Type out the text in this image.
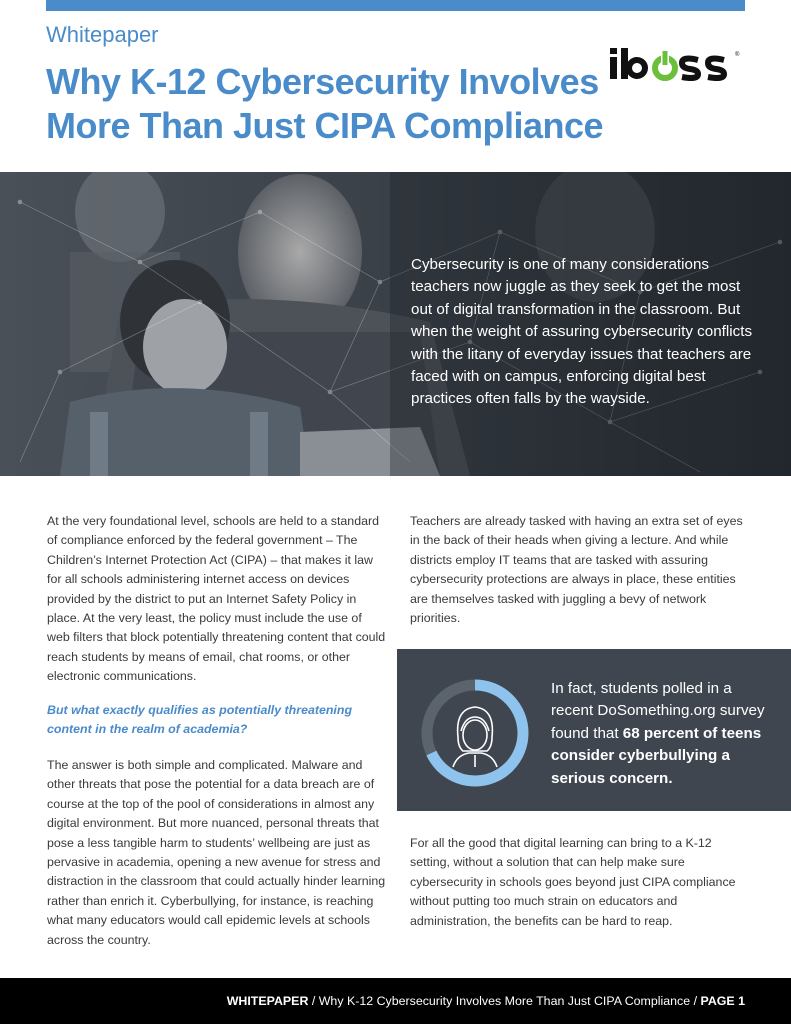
Whitepaper
Why K-12 Cybersecurity Involves
More Than Just CIPA Compliance
®
Cybersecurity is one of many considerations teachers now juggle as they seek to get the most out of digital transformation in the classroom. But when the weight of assuring cybersecurity conflicts with the litany of everyday issues that teachers are faced with on campus, enforcing digital best practices often falls by the wayside.
At the very foundational level, schools are held to a standard of compliance enforced by the federal government – The Children’s Internet Protection Act (CIPA) – that makes it law for all schools administering internet access on devices provided by the district to put an Internet Safety Policy in place. At the very least, the policy must include the use of web filters that block potentially threatening content that could reach students by means of email, chat rooms, or other electronic communications.
But what exactly qualifies as potentially threatening content in the realm of academia?
The answer is both simple and complicated. Malware and other threats that pose the potential for a data breach are of course at the top of the pool of considerations in almost any digital environment. But more nuanced, personal threats that pose a less tangible harm to students’ wellbeing are just as pervasive in academia, opening a new avenue for stress and distraction in the classroom that could actually hinder learning rather than enrich it. Cyberbullying, for instance, is reaching what many educators would call epidemic levels at schools across the country.
Teachers are already tasked with having an extra set of eyes in the back of their heads when giving a lecture. And while districts employ IT teams that are tasked with assuring cybersecurity protections are always in place, these entities are themselves tasked with juggling a bevy of network priorities.
In fact, students polled in a recent DoSomething.org survey found that 68 percent of teens consider cyberbullying a serious concern.
For all the good that digital learning can bring to a K-12 setting, without a solution that can help make sure cybersecurity in schools goes beyond just CIPA compliance without putting too much strain on educators and administration, the benefits can be hard to reap.
WHITEPAPER / Why K-12 Cybersecurity Involves More Than Just CIPA Compliance / PAGE 1
